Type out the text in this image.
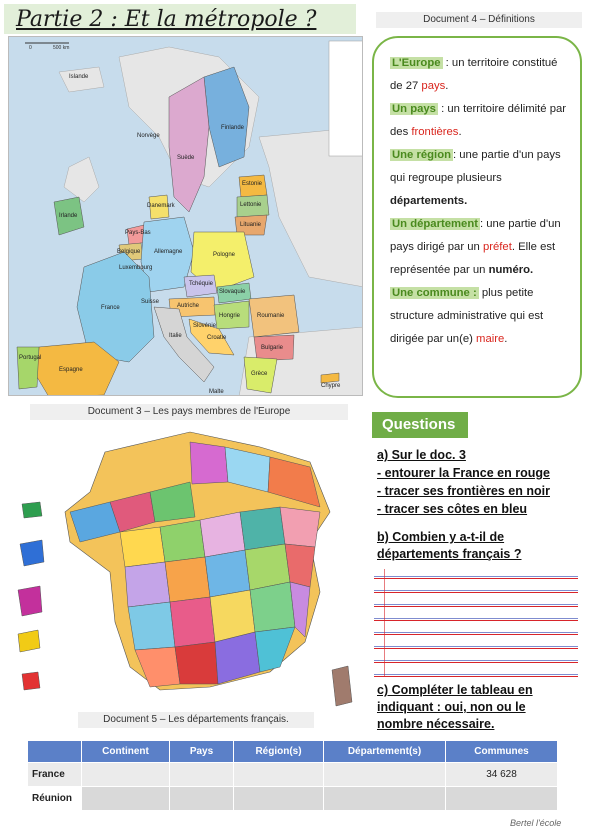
Partie 2 : Et la métropole ?	Document 4 – Définitions
0	500 km
Finlande
Suède
Estonie
Lettonie
Lituanie
Danemark
Irlande
Pays-Bas
Belgique
Luxembourg
Allemagne	Pologne
Tchéquie
Slovaquie
Autriche
Hongrie
Slovénie
Croatie
Roumanie
Bulgarie
France
Portugal
Espagne
Italie
Grèce
Malte
Chypre
Islande
Norvège
Suisse

L'Europe : un territoire constitué de 27 pays.

Un pays : un territoire délimité par des frontières.

Une région : une partie d'un pays qui regroupe plusieurs départements.

Un département : une partie d'un pays dirigé par un préfet. Elle est représentée par un numéro.

Une commune : plus petite structure administrative qui est dirigée par un(e) maire.

Document 3 – Les pays membres de l'Europe
Document 5 – Les départements français.
Questions
a) Sur le doc. 3
- entourer la France en rouge
- tracer ses frontières en noir
- tracer ses côtes en bleu
b) Combien y a-t-il de
départements français ?
c) Compléter le tableau en
indiquant : oui, non ou le
nombre nécessaire.
	Continent	Pays	Région(s)	Département(s)	Communes
France					34 628
Réunion					
Bertel l'école
